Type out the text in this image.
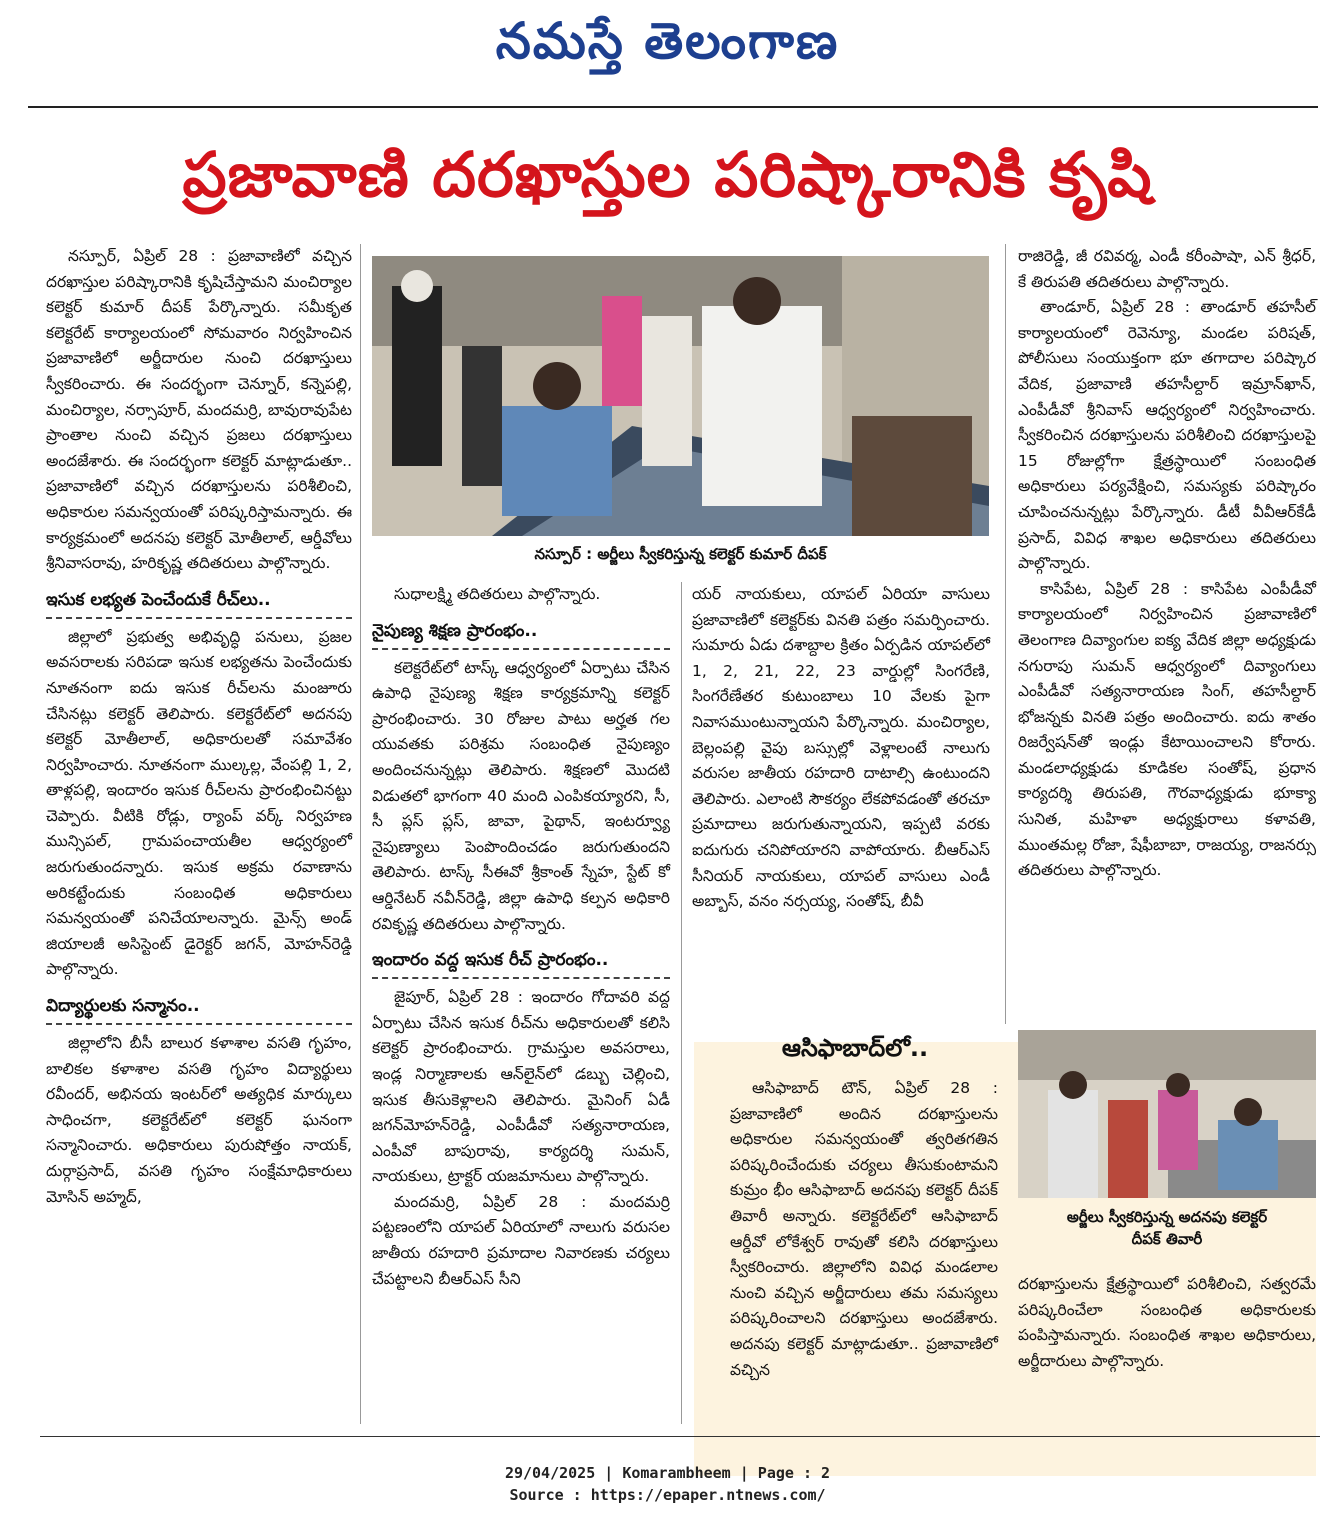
నమస్తే తెలంగాణ
ప్రజావాణి దరఖాస్తుల పరిష్కారానికి కృషి

నస్పూర్, ఏప్రిల్ 28 : ప్రజావాణిలో వచ్చిన దరఖాస్తుల పరిష్కారానికి కృషిచేస్తామని మంచిర్యాల కలెక్టర్ కుమార్ దీపక్ పేర్కొన్నారు. సమీకృత కలెక్టరేట్ కార్యాలయంలో సోమవారం నిర్వహించిన ప్రజావాణిలో అర్జీదారుల నుంచి దరఖాస్తులు స్వీకరించారు. ఈ సందర్భంగా చెన్నూర్, కన్నెపల్లి, మంచిర్యాల, నర్సాపూర్, మందమర్రి, బావురావుపేట ప్రాంతాల నుంచి వచ్చిన ప్రజలు దరఖాస్తులు అందజేశారు. ఈ సందర్భంగా కలెక్టర్ మాట్లాడుతూ.. ప్రజావాణిలో వచ్చిన దరఖాస్తులను పరిశీలించి, అధికారుల సమన్వయంతో పరిష్కరిస్తామన్నారు. ఈ కార్యక్రమంలో అదనపు కలెక్టర్ మోతీలాల్, ఆర్డీవోలు శ్రీనివాసరావు, హరికృష్ణ తదితరులు పాల్గొన్నారు.

ఇసుక లభ్యత పెంచేందుకే రీచ్‌లు..

జిల్లాలో ప్రభుత్వ అభివృద్ధి పనులు, ప్రజల అవసరాలకు సరిపడా ఇసుక లభ్యతను పెంచేందుకు నూతనంగా ఐదు ఇసుక రీచ్‌లను మంజూరు చేసినట్లు కలెక్టర్ తెలిపారు. కలెక్టరేట్‌లో అదనపు కలెక్టర్ మోతీలాల్, అధికారులతో సమావేశం నిర్వహించారు. నూతనంగా ముల్కల్ల, వేంపల్లి 1, 2, తాళ్లపల్లి, ఇందారం ఇసుక రీచ్‌లను ప్రారంభించినట్టు చెప్పారు. వీటికి రోడ్లు, ర్యాంప్ వర్క్ నిర్వహణ మున్సిపల్, గ్రామపంచాయతీల ఆధ్వర్యంలో జరుగుతుందన్నారు. ఇసుక అక్రమ రవాణాను అరికట్టేందుకు సంబంధిత అధికారులు సమన్వయంతో పనిచేయాలన్నారు. మైన్స్ అండ్ జియాలజీ అసిస్టెంట్ డైరెక్టర్ జగన్, మోహన్‌రెడ్డి పాల్గొన్నారు.

విద్యార్థులకు సన్మానం..

జిల్లాలోని బీసీ బాలుర కళాశాల వసతి గృహం, బాలికల కళాశాల వసతి గృహం విద్యార్థులు రవీందర్, అభినయ ఇంటర్‌లో అత్యధిక మార్కులు సాధించగా, కలెక్టరేట్‌లో కలెక్టర్ ఘనంగా సన్మానించారు. అధికారులు పురుషోత్తం నాయక్, దుర్గాప్రసాద్, వసతి గృహం సంక్షేమాధికారులు మోసిన్ అహ్మద్,

నస్పూర్ : అర్జీలు స్వీకరిస్తున్న కలెక్టర్ కుమార్ దీపక్

సుధాలక్ష్మి తదితరులు పాల్గొన్నారు.

నైపుణ్య శిక్షణ ప్రారంభం..

కలెక్టరేట్‌లో టాస్క్ ఆధ్వర్యంలో ఏర్పాటు చేసిన ఉపాధి నైపుణ్య శిక్షణ కార్యక్రమాన్ని కలెక్టర్ ప్రారంభించారు. 30 రోజుల పాటు అర్హత గల యువతకు పరిశ్రమ సంబంధిత నైపుణ్యం అందించనున్నట్లు తెలిపారు. శిక్షణలో మొదటి విడుతలో భాగంగా 40 మంది ఎంపికయ్యారని, సీ, సీ ప్లస్ ప్లస్, జావా, పైథాన్, ఇంటర్వ్యూ నైపుణ్యాలు పెంపొందించడం జరుగుతుందని తెలిపారు. టాస్క్ సీఈవో శ్రీకాంత్ స్నేహ, స్టేట్ కో ఆర్డినేటర్ నవీన్‌రెడ్డి, జిల్లా ఉపాధి కల్పన అధికారి రవికృష్ణ తదితరులు పాల్గొన్నారు.

ఇందారం వద్ద ఇసుక రీచ్ ప్రారంభం..

జైపూర్, ఏప్రిల్ 28 : ఇందారం గోదావరి వద్ద ఏర్పాటు చేసిన ఇసుక రీచ్‌ను అధికారులతో కలిసి కలెక్టర్ ప్రారంభించారు. గ్రామస్తుల అవసరాలు, ఇండ్ల నిర్మాణాలకు ఆన్‌లైన్‌లో డబ్బు చెల్లించి, ఇసుక తీసుకెళ్లాలని తెలిపారు. మైనింగ్ ఏడీ జగన్‌మోహన్‌రెడ్డి, ఎంపీడీవో సత్యనారాయణ, ఎంపీవో బాపురావు, కార్యదర్శి సుమన్, నాయకులు, ట్రాక్టర్ యజమానులు పాల్గొన్నారు.

మందమర్రి, ఏప్రిల్ 28 : మందమర్రి పట్టణంలోని యాపల్ ఏరియాలో నాలుగు వరుసల జాతీయ రహదారి ప్రమాదాల నివారణకు చర్యలు చేపట్టాలని బీఆర్ఎస్ సీని

యర్ నాయకులు, యాపల్ ఏరియా వాసులు ప్రజావాణిలో కలెక్టర్‌కు వినతి పత్రం సమర్పించారు. సుమారు ఏడు దశాబ్దాల క్రితం ఏర్పడిన యాపల్‌లో 1, 2, 21, 22, 23 వార్డుల్లో సింగరేణి, సింగరేణేతర కుటుంబాలు 10 వేలకు పైగా నివాసముంటున్నాయని పేర్కొన్నారు. మంచిర్యాల, బెల్లంపల్లి వైపు బస్సుల్లో వెళ్లాలంటే నాలుగు వరుసల జాతీయ రహదారి దాటాల్సి ఉంటుందని తెలిపారు. ఎలాంటి సౌకర్యం లేకపోవడంతో తరచూ ప్రమాదాలు జరుగుతున్నాయని, ఇప్పటి వరకు ఐదుగురు చనిపోయారని వాపోయారు. బీఆర్ఎస్ సీనియర్ నాయకులు, యాపల్ వాసులు ఎండీ అబ్బాస్, వనం నర్సయ్య, సంతోష్, బీవీ

రాజిరెడ్డి, జీ రవివర్మ, ఎండీ కరీంపాషా, ఎన్ శ్రీధర్, కే తిరుపతి తదితరులు పాల్గొన్నారు.

తాండూర్, ఏప్రిల్ 28 : తాండూర్ తహసీల్ కార్యాలయంలో రెవెన్యూ, మండల పరిషత్, పోలీసులు సంయుక్తంగా భూ తగాదాల పరిష్కార వేదిక, ప్రజావాణి తహసీల్దార్ ఇమ్రాన్‌ఖాన్, ఎంపీడీవో శ్రీనివాస్ ఆధ్వర్యంలో నిర్వహించారు. స్వీకరించిన దరఖాస్తులను పరిశీలించి దరఖాస్తులపై 15 రోజుల్లోగా క్షేత్రస్థాయిలో సంబంధిత అధికారులు పర్యవేక్షించి, సమస్యకు పరిష్కారం చూపించనున్నట్లు పేర్కొన్నారు. డీటీ వీవీఆర్‌కేడీ ప్రసాద్, వివిధ శాఖల అధికారులు తదితరులు పాల్గొన్నారు.

కాసిపేట, ఏప్రిల్ 28 : కాసిపేట ఎంపీడీవో కార్యాలయంలో నిర్వహించిన ప్రజావాణిలో తెలంగాణ దివ్యాంగుల ఐక్య వేదిక జిల్లా అధ్యక్షుడు నగురాపు సుమన్ ఆధ్వర్యంలో దివ్యాంగులు ఎంపీడీవో సత్యనారాయణ సింగ్, తహసీల్దార్ భోజన్నకు వినతి పత్రం అందించారు. ఐదు శాతం రిజర్వేషన్‌తో ఇండ్లు కేటాయించాలని కోరారు. మండలాధ్యక్షుడు కూడికల సంతోష్, ప్రధాన కార్యదర్శి తిరుపతి, గౌరవాధ్యక్షుడు భూక్యా సునిత, మహిళా అధ్యక్షురాలు కళావతి, ముంతమల్ల రోజా, షేఫీబాబా, రాజయ్య, రాజనర్సు తదితరులు పాల్గొన్నారు.

ఆసిఫాబాద్‌లో..

ఆసిఫాబాద్ టౌన్, ఏప్రిల్ 28 : ప్రజావాణిలో అందిన దరఖాస్తులను అధికారుల సమన్వయంతో త్వరితగతిన పరిష్కరించేందుకు చర్యలు తీసుకుంటామని కుమ్రం భీం ఆసిఫాబాద్ అదనపు కలెక్టర్ దీపక్ తివారీ అన్నారు. కలెక్టరేట్‌లో ఆసిఫాబాద్ ఆర్డీవో లోకేశ్వర్ రావుతో కలిసి దరఖాస్తులు స్వీకరించారు. జిల్లాలోని వివిధ మండలాల నుంచి వచ్చిన అర్జీదారులు తమ సమస్యలు పరిష్కరించాలని దరఖాస్తులు అందజేశారు. అదనపు కలెక్టర్ మాట్లాడుతూ.. ప్రజావాణిలో వచ్చిన

అర్జీలు స్వీకరిస్తున్న అదనపు కలెక్టర్
దీపక్ తివారీ

దరఖాస్తులను క్షేత్రస్థాయిలో పరిశీలించి, సత్వరమే పరిష్కరించేలా సంబంధిత అధికారులకు పంపిస్తామన్నారు. సంబంధిత శాఖల అధికారులు, అర్జీదారులు పాల్గొన్నారు.

29/04/2025 | Komarambheem | Page : 2
Source : https://epaper.ntnews.com/
